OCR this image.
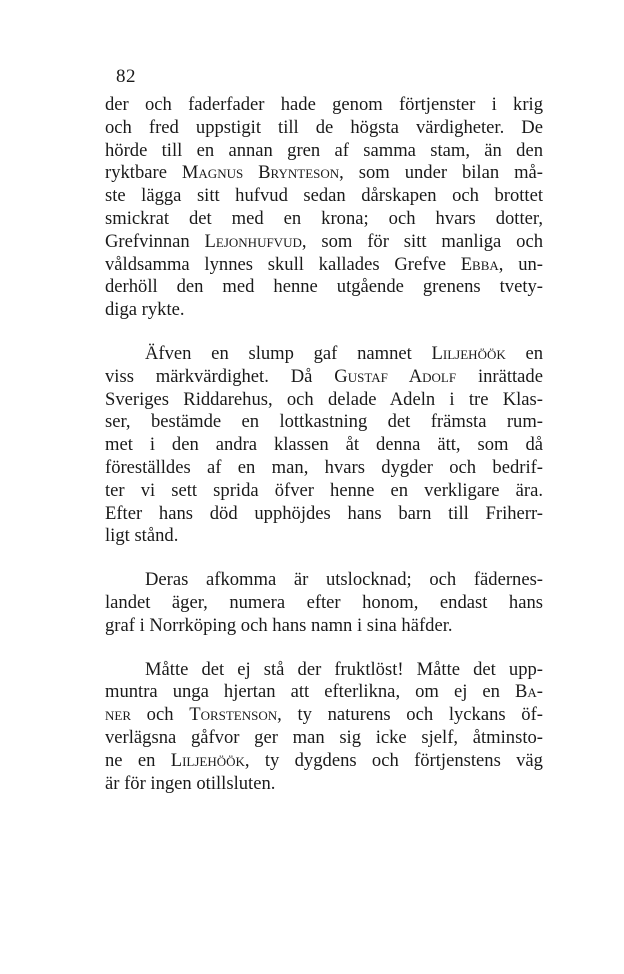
82
der och faderfader hade genom förtjenster i krig
och fred uppstigit till de högsta värdigheter. De
hörde till en annan gren af samma stam, än den
ryktbare Magnus Brynteson, som under bilan må-
ste lägga sitt hufvud sedan dårskapen och brottet
smickrat det med en krona; och hvars dotter,
Grefvinnan Lejonhufvud, som för sitt manliga och
våldsamma lynnes skull kallades Grefve Ebba, un-
derhöll den med henne utgående grenens tvety-
diga rykte.
Äfven en slump gaf namnet Liljehöök en
viss märkvärdighet. Då Gustaf Adolf inrättade
Sveriges Riddarehus, och delade Adeln i tre Klas-
ser, bestämde en lottkastning det främsta rum-
met i den andra klassen åt denna ätt, som då
föreställdes af en man, hvars dygder och bedrif-
ter vi sett sprida öfver henne en verkligare ära.
Efter hans död upphöjdes hans barn till Friherr-
ligt stånd.
Deras afkomma är utslocknad; och fädernes-
landet äger, numera efter honom, endast hans
graf i Norrköping och hans namn i sina häfder.
Måtte det ej stå der fruktlöst! Måtte det upp-
muntra unga hjertan att efterlikna, om ej en Ba-
ner och Torstenson, ty naturens och lyckans öf-
verlägsna gåfvor ger man sig icke sjelf, åtminsto-
ne en Liljehöök, ty dygdens och förtjenstens väg
är för ingen otillsluten.
